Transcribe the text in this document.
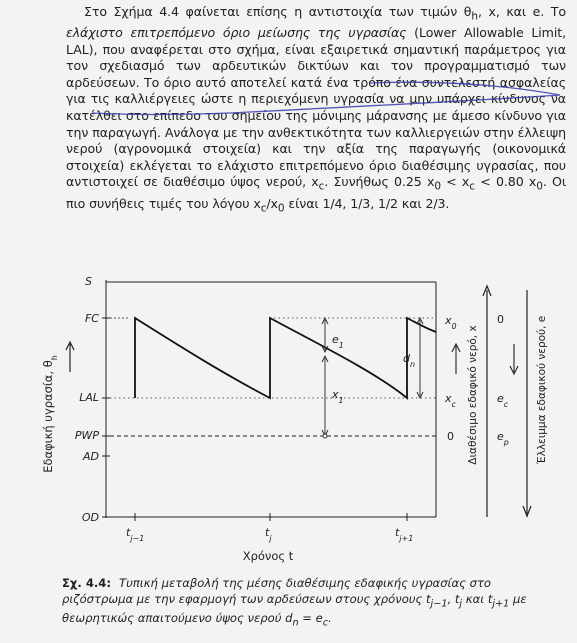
Στο Σχήμα 4.4 φαίνεται επίσης η αντιστοιχία των τιμών $\theta_h$, x, και e. Το ελάχιστο επιτρεπόμενο όριο μείωσης της υγρασίας (Lower Allowable Limit, LAL), που αναφέρεται στο σχήμα, είναι εξαιρετικά σημαντική παράμετρος για τον σχεδιασμό των αρδευτικών δικτύων και τον προγραμματισμό των αρδεύσεων. Το όριο αυτό αποτελεί κατά ένα τρόπο ένα συντελεστή ασφαλείας για τις καλλιέργειες ώστε η περιεχόμενη υγρασία να μην υπάρχει κίνδυνος να κατέλθει στο επίπεδο του σημείου της μόνιμης μάρανσης με άμεσο κίνδυνο για την παραγωγή. Ανάλογα με την ανθεκτικότητα των καλλιεργειών στην έλλειψη νερού (αγρονομικά στοιχεία) και την αξία της παραγωγής (οικονομικά στοιχεία) εκλέγεται το ελάχιστο επιτρεπόμενο όριο διαθέσιμης υγρασίας, που αντιστοιχεί σε διαθέσιμο ύψος νερού, $x_c$. Συνήθως 0.25 $x_0 < x_c < 0.80$ $x_0$. Οι πιο συνήθεις τιμές του λόγου $x_c/x_0$ είναι 1/4, 1/3, 1/2 και 2/3.
S
FC
LAL
PWP
AD
OD
Εδαφική υγρασία, $\theta_h$
$e_1$
$x_1$
$d_n$
$t_{j-1}$	$t_j$	$t_{j+1}$
Χρόνος t
$x_0$
$x_c$
0 Διαθέσιμο εδαφικό νερό, x
0
$e_c$
$e_p$	Έλλειμμα εδαφικού νερού, e
Σχ. 4.4: Τυπική μεταβολή της μέσης διαθέσιμης εδαφικής υγρασίας στο ριζόστρωμα με την εφαρμογή των αρδεύσεων στους χρόνους $t_{j-1}$, $t_j$ και $t_{j+1}$ με θεωρητικώς απαιτούμενο ύψος νερού $d_n = e_c$.
